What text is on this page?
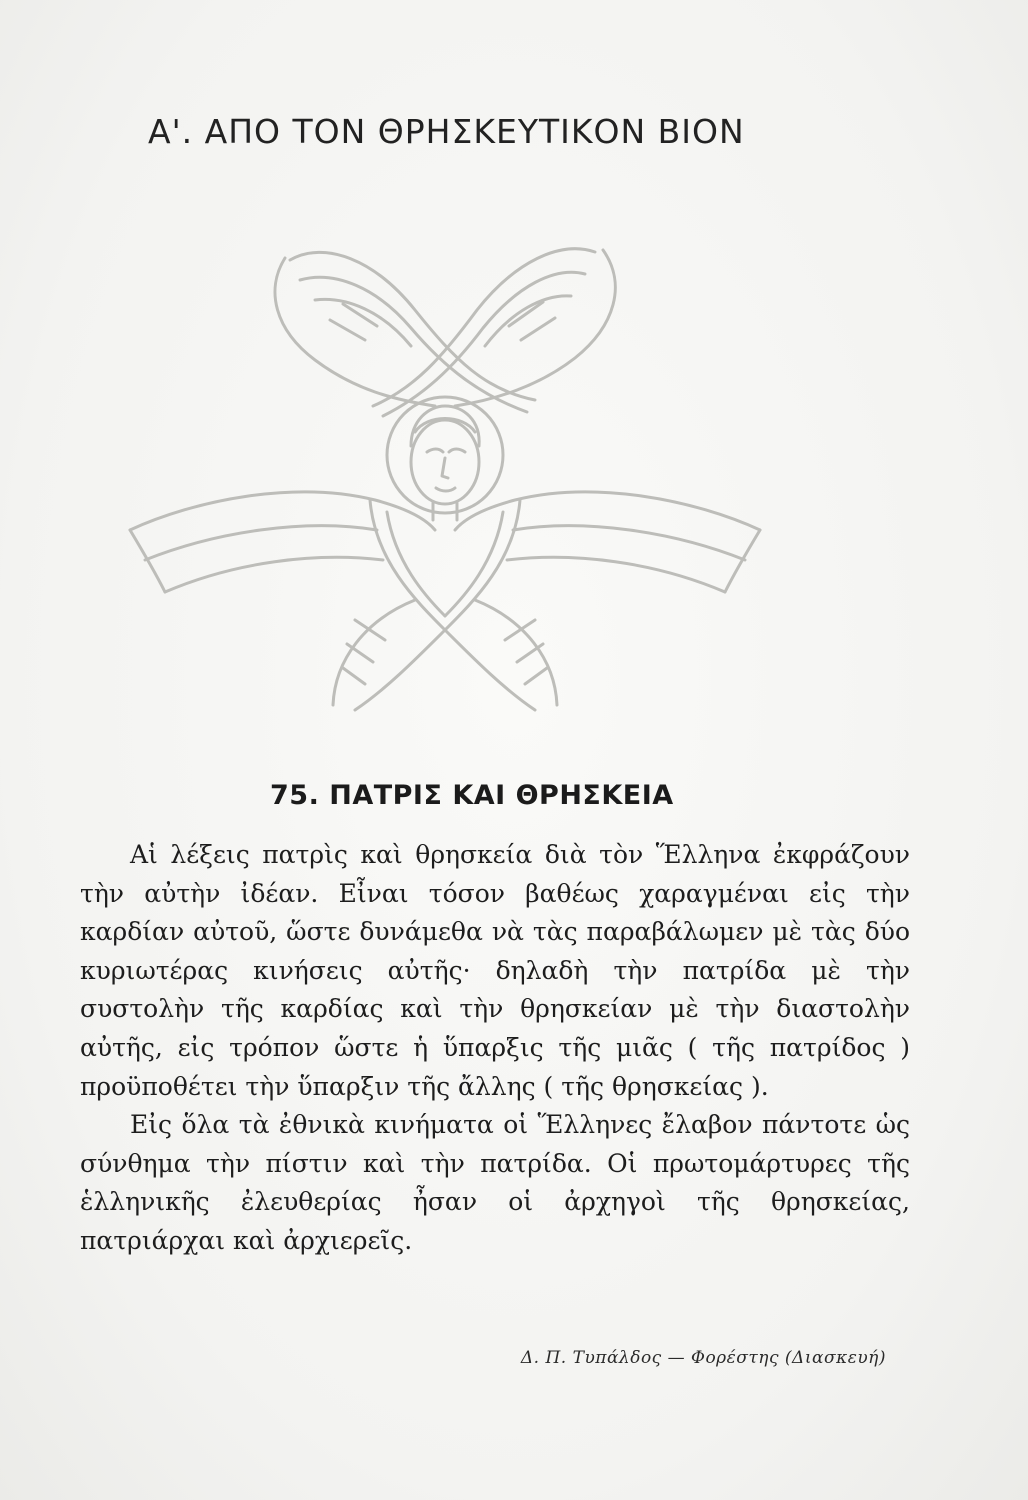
Α'. ΑΠΟ ΤΟΝ ΘΡΗΣΚΕΥΤΙΚΟΝ ΒΙΟΝ
75. ΠΑΤΡΙΣ ΚΑΙ ΘΡΗΣΚΕΙΑ

Αἱ λέξεις πατρὶς καὶ θρησκεία διὰ τὸν Ἕλληνα ἐκφράζουν τὴν αὐτὴν ἰδέαν. Εἶναι τόσον βαθέως χαραγμέναι εἰς τὴν καρδίαν αὐτοῦ, ὥστε δυνάμεθα νὰ τὰς παραβάλωμεν μὲ τὰς δύο κυριωτέρας κινήσεις αὐτῆς· δηλαδὴ τὴν πατρίδα μὲ τὴν συστολὴν τῆς καρδίας καὶ τὴν θρησκείαν μὲ τὴν διαστολὴν αὐτῆς, εἰς τρόπον ὥστε ἡ ὕπαρξις τῆς μιᾶς ( τῆς πατρίδος ) προϋποθέτει τὴν ὕπαρξιν τῆς ἄλλης ( τῆς θρησκείας ).

Εἰς ὅλα τὰ ἐθνικὰ κινήματα οἱ Ἕλληνες ἔλαβον πάντοτε ὡς σύνθημα τὴν πίστιν καὶ τὴν πατρίδα. Οἱ πρωτομάρτυρες τῆς ἑλληνικῆς ἐλευθερίας ἦσαν οἱ ἀρχηγοὶ τῆς θρησκείας, πατριάρχαι καὶ ἀρχιερεῖς.

Δ. Π. Τυπάλδος — Φορέστης (Διασκευή)
